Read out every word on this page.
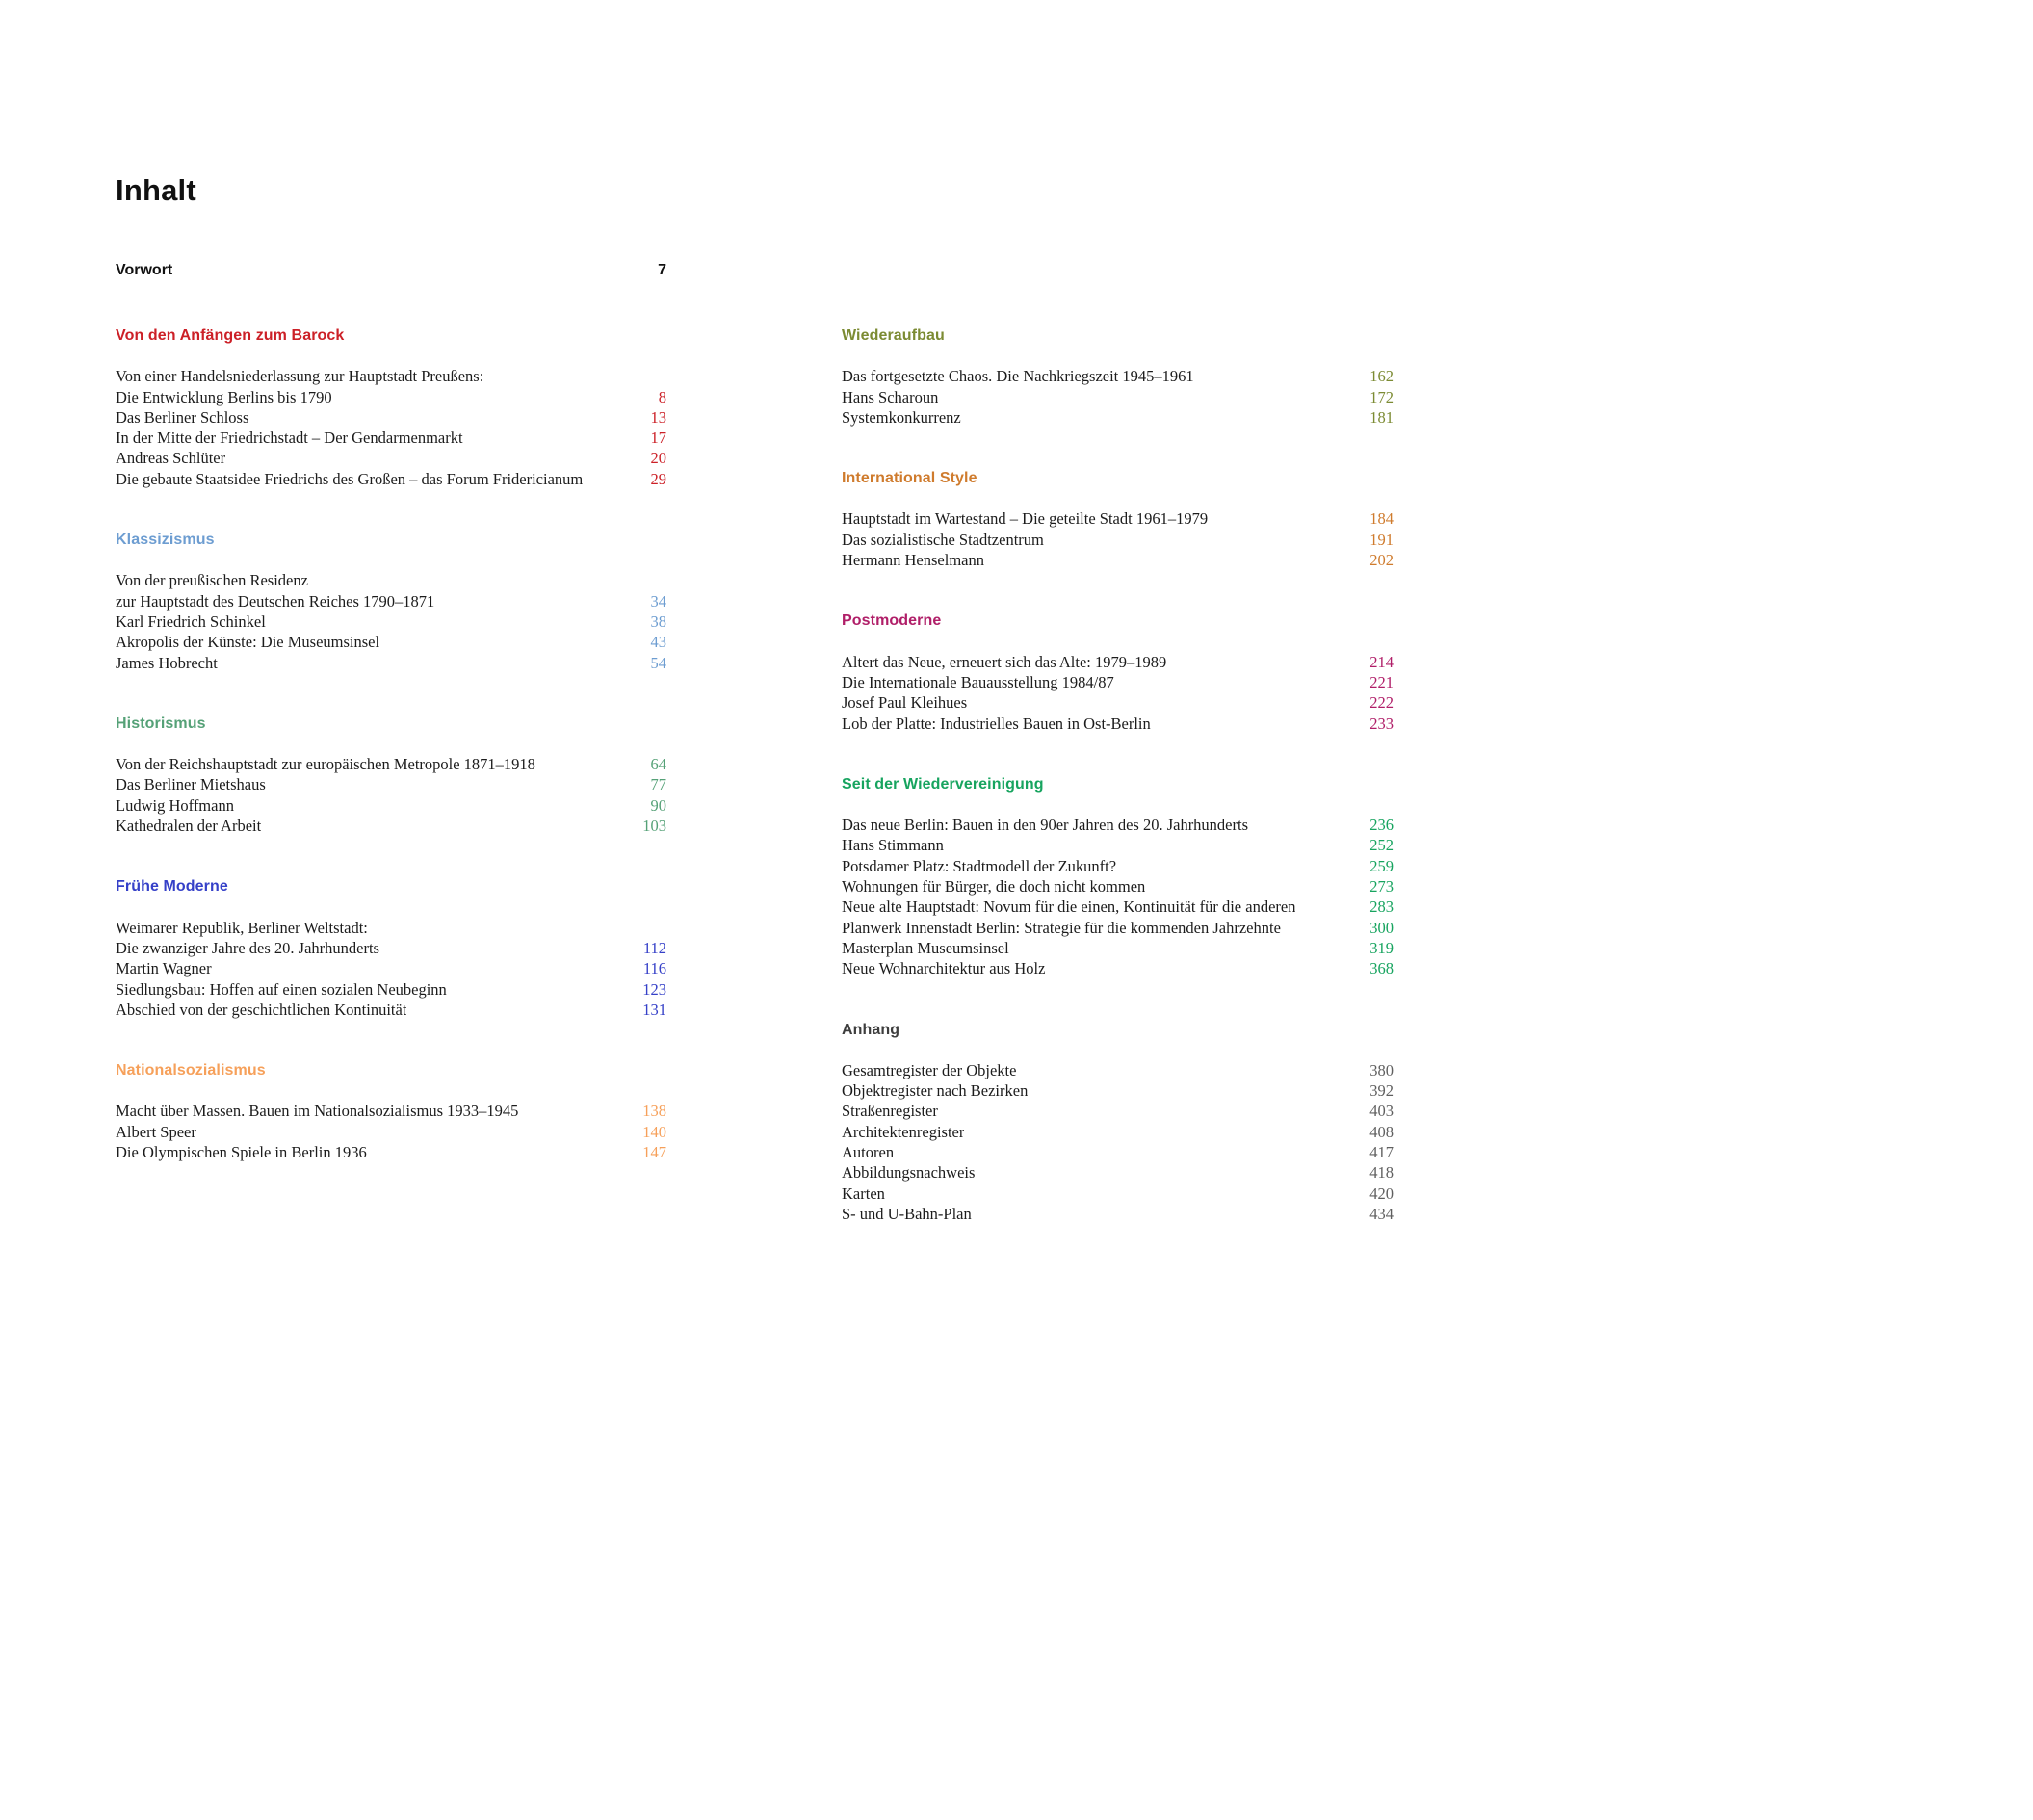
Inhalt
Vorwort	7
Von den Anfängen zum Barock
Von einer Handelsniederlassung zur Hauptstadt Preußens:
Die Entwicklung Berlins bis 1790	8
Das Berliner Schloss	13
In der Mitte der Friedrichstadt – Der Gendarmenmarkt	17
Andreas Schlüter	20
Die gebaute Staatsidee Friedrichs des Großen – das Forum Fridericianum	29
Klassizismus
Von der preußischen Residenz
zur Hauptstadt des Deutschen Reiches 1790–1871	34
Karl Friedrich Schinkel	38
Akropolis der Künste: Die Museumsinsel	43
James Hobrecht	54
Historismus
Von der Reichshauptstadt zur europäischen Metropole 1871–1918	64
Das Berliner Mietshaus	77
Ludwig Hoffmann	90
Kathedralen der Arbeit	103
Frühe Moderne
Weimarer Republik, Berliner Weltstadt:
Die zwanziger Jahre des 20. Jahrhunderts	112
Martin Wagner	116
Siedlungsbau: Hoffen auf einen sozialen Neubeginn	123
Abschied von der geschichtlichen Kontinuität	131
Nationalsozialismus
Macht über Massen. Bauen im Nationalsozialismus 1933–1945	138
Albert Speer	140
Die Olympischen Spiele in Berlin 1936	147
Wiederaufbau
Das fortgesetzte Chaos. Die Nachkriegszeit 1945–1961	162
Hans Scharoun	172
Systemkonkurrenz	181
International Style
Hauptstadt im Wartestand – Die geteilte Stadt 1961–1979	184
Das sozialistische Stadtzentrum	191
Hermann Henselmann	202
Postmoderne
Altert das Neue, erneuert sich das Alte: 1979–1989	214
Die Internationale Bauausstellung 1984/87	221
Josef Paul Kleihues	222
Lob der Platte: Industrielles Bauen in Ost-Berlin	233
Seit der Wiedervereinigung
Das neue Berlin: Bauen in den 90er Jahren des 20. Jahrhunderts	236
Hans Stimmann	252
Potsdamer Platz: Stadtmodell der Zukunft?	259
Wohnungen für Bürger, die doch nicht kommen	273
Neue alte Hauptstadt: Novum für die einen, Kontinuität für die anderen	283
Planwerk Innenstadt Berlin: Strategie für die kommenden Jahrzehnte	300
Masterplan Museumsinsel	319
Neue Wohnarchitektur aus Holz	368
Anhang
Gesamtregister der Objekte	380
Objektregister nach Bezirken	392
Straßenregister	403
Architektenregister	408
Autoren	417
Abbildungsnachweis	418
Karten	420
S- und U-Bahn-Plan	434
